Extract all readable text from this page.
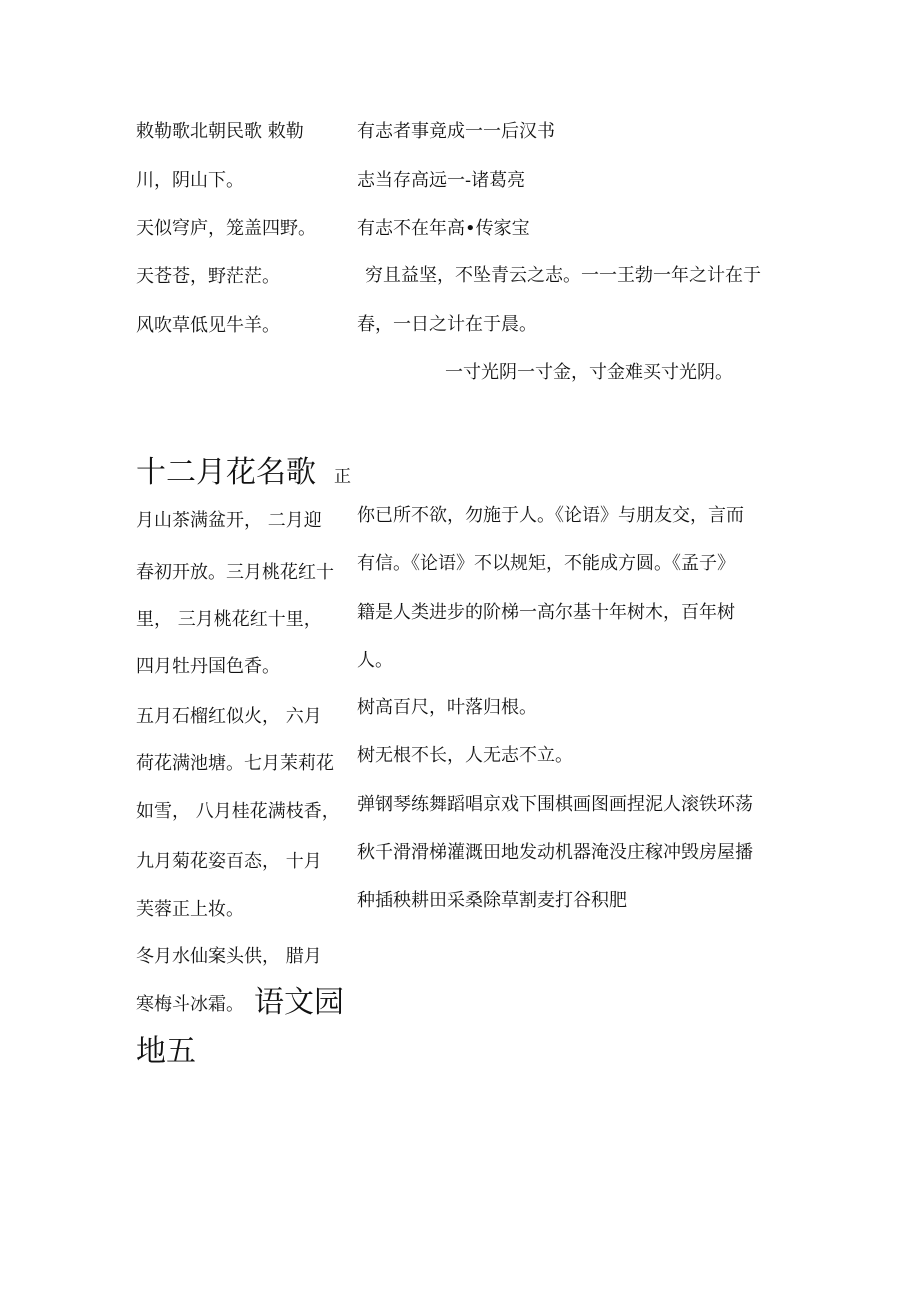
敕勒歌北朝民歌 敕勒
川，阴山下。
天似穹庐，笼盖四野。
天苍苍，野茫茫。
风吹草低见牛羊。
十二月花名歌 正
月山茶满盆开， 二月迎
春初开放。三月桃花红十
里， 三月桃花红十里，
四月牡丹国色香。
五月石榴红似火， 六月
荷花满池塘。七月茉莉花
如雪， 八月桂花满枝香，
九月菊花姿百态， 十月
芙蓉正上妆。
冬月水仙案头供， 腊月
寒梅斗冰霜。 语文园
地五
有志者事竟成一一后汉书
志当存高远一-诸葛亮
有志不在年高•传家宝
穷且益坚，不坠青云之志。一一王勃一年之计在于
春，一日之计在于晨。
一寸光阴一寸金，寸金难买寸光阴。
你已所不欲，勿施于人。《论语》与朋友交，言而
有信。《论语》不以规矩，不能成方圆。《孟子》
籍是人类进步的阶梯一高尔基十年树木，百年树
人。
树高百尺，叶落归根。
树无根不长，人无志不立。
弹钢琴练舞蹈唱京戏下围棋画图画捏泥人滚铁环荡
秋千滑滑梯灌溉田地发动机器淹没庄稼冲毁房屋播
种插秧耕田采桑除草割麦打谷积肥
